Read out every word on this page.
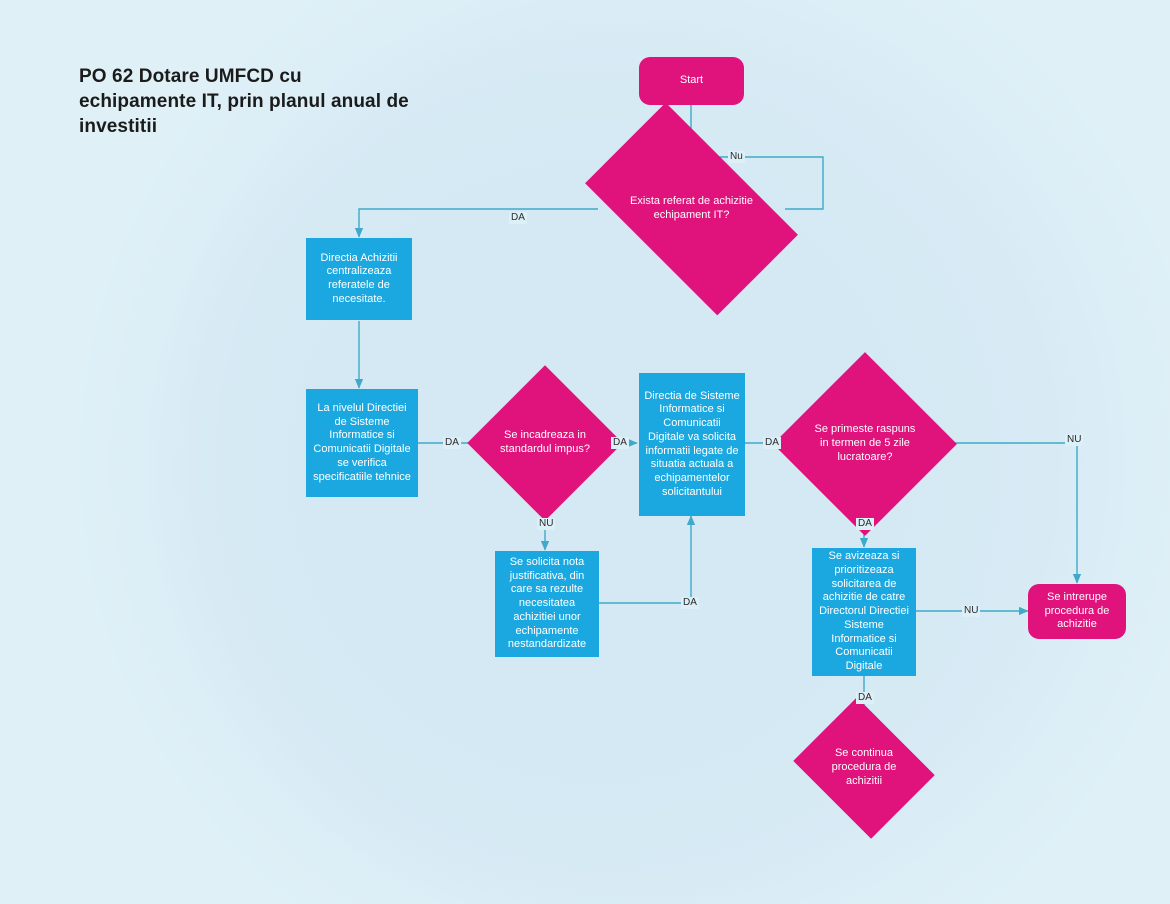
PO 62 Dotare UMFCD cu echipamente IT, prin planul anual de investitii
Start
Exista referat de achizitie echipament IT?
Directia Achizitii centralizeaza referatele de necesitate.
La nivelul Directiei de Sisteme Informatice si Comunicatii Digitale se verifica specificatiile tehnice
Se incadreaza in standardul impus?
Se solicita nota justificativa, din care sa rezulte necesitatea achizitiei unor echipamente nestandardizate
Directia de Sisteme Informatice si Comunicatii Digitale va solicita informatii legate de situatia actuala a echipamentelor solicitantului
Se primeste raspuns in termen de 5 zile lucratoare?
Se avizeaza si prioritizeaza solicitarea de achizitie de catre Directorul Directiei Sisteme Informatice si Comunicatii Digitale
Se intrerupe procedura de achizitie
Se continua procedura de achizitii
Nu
DA
DA	DA
NU
DA
DA	NU
DA
NU
DA
